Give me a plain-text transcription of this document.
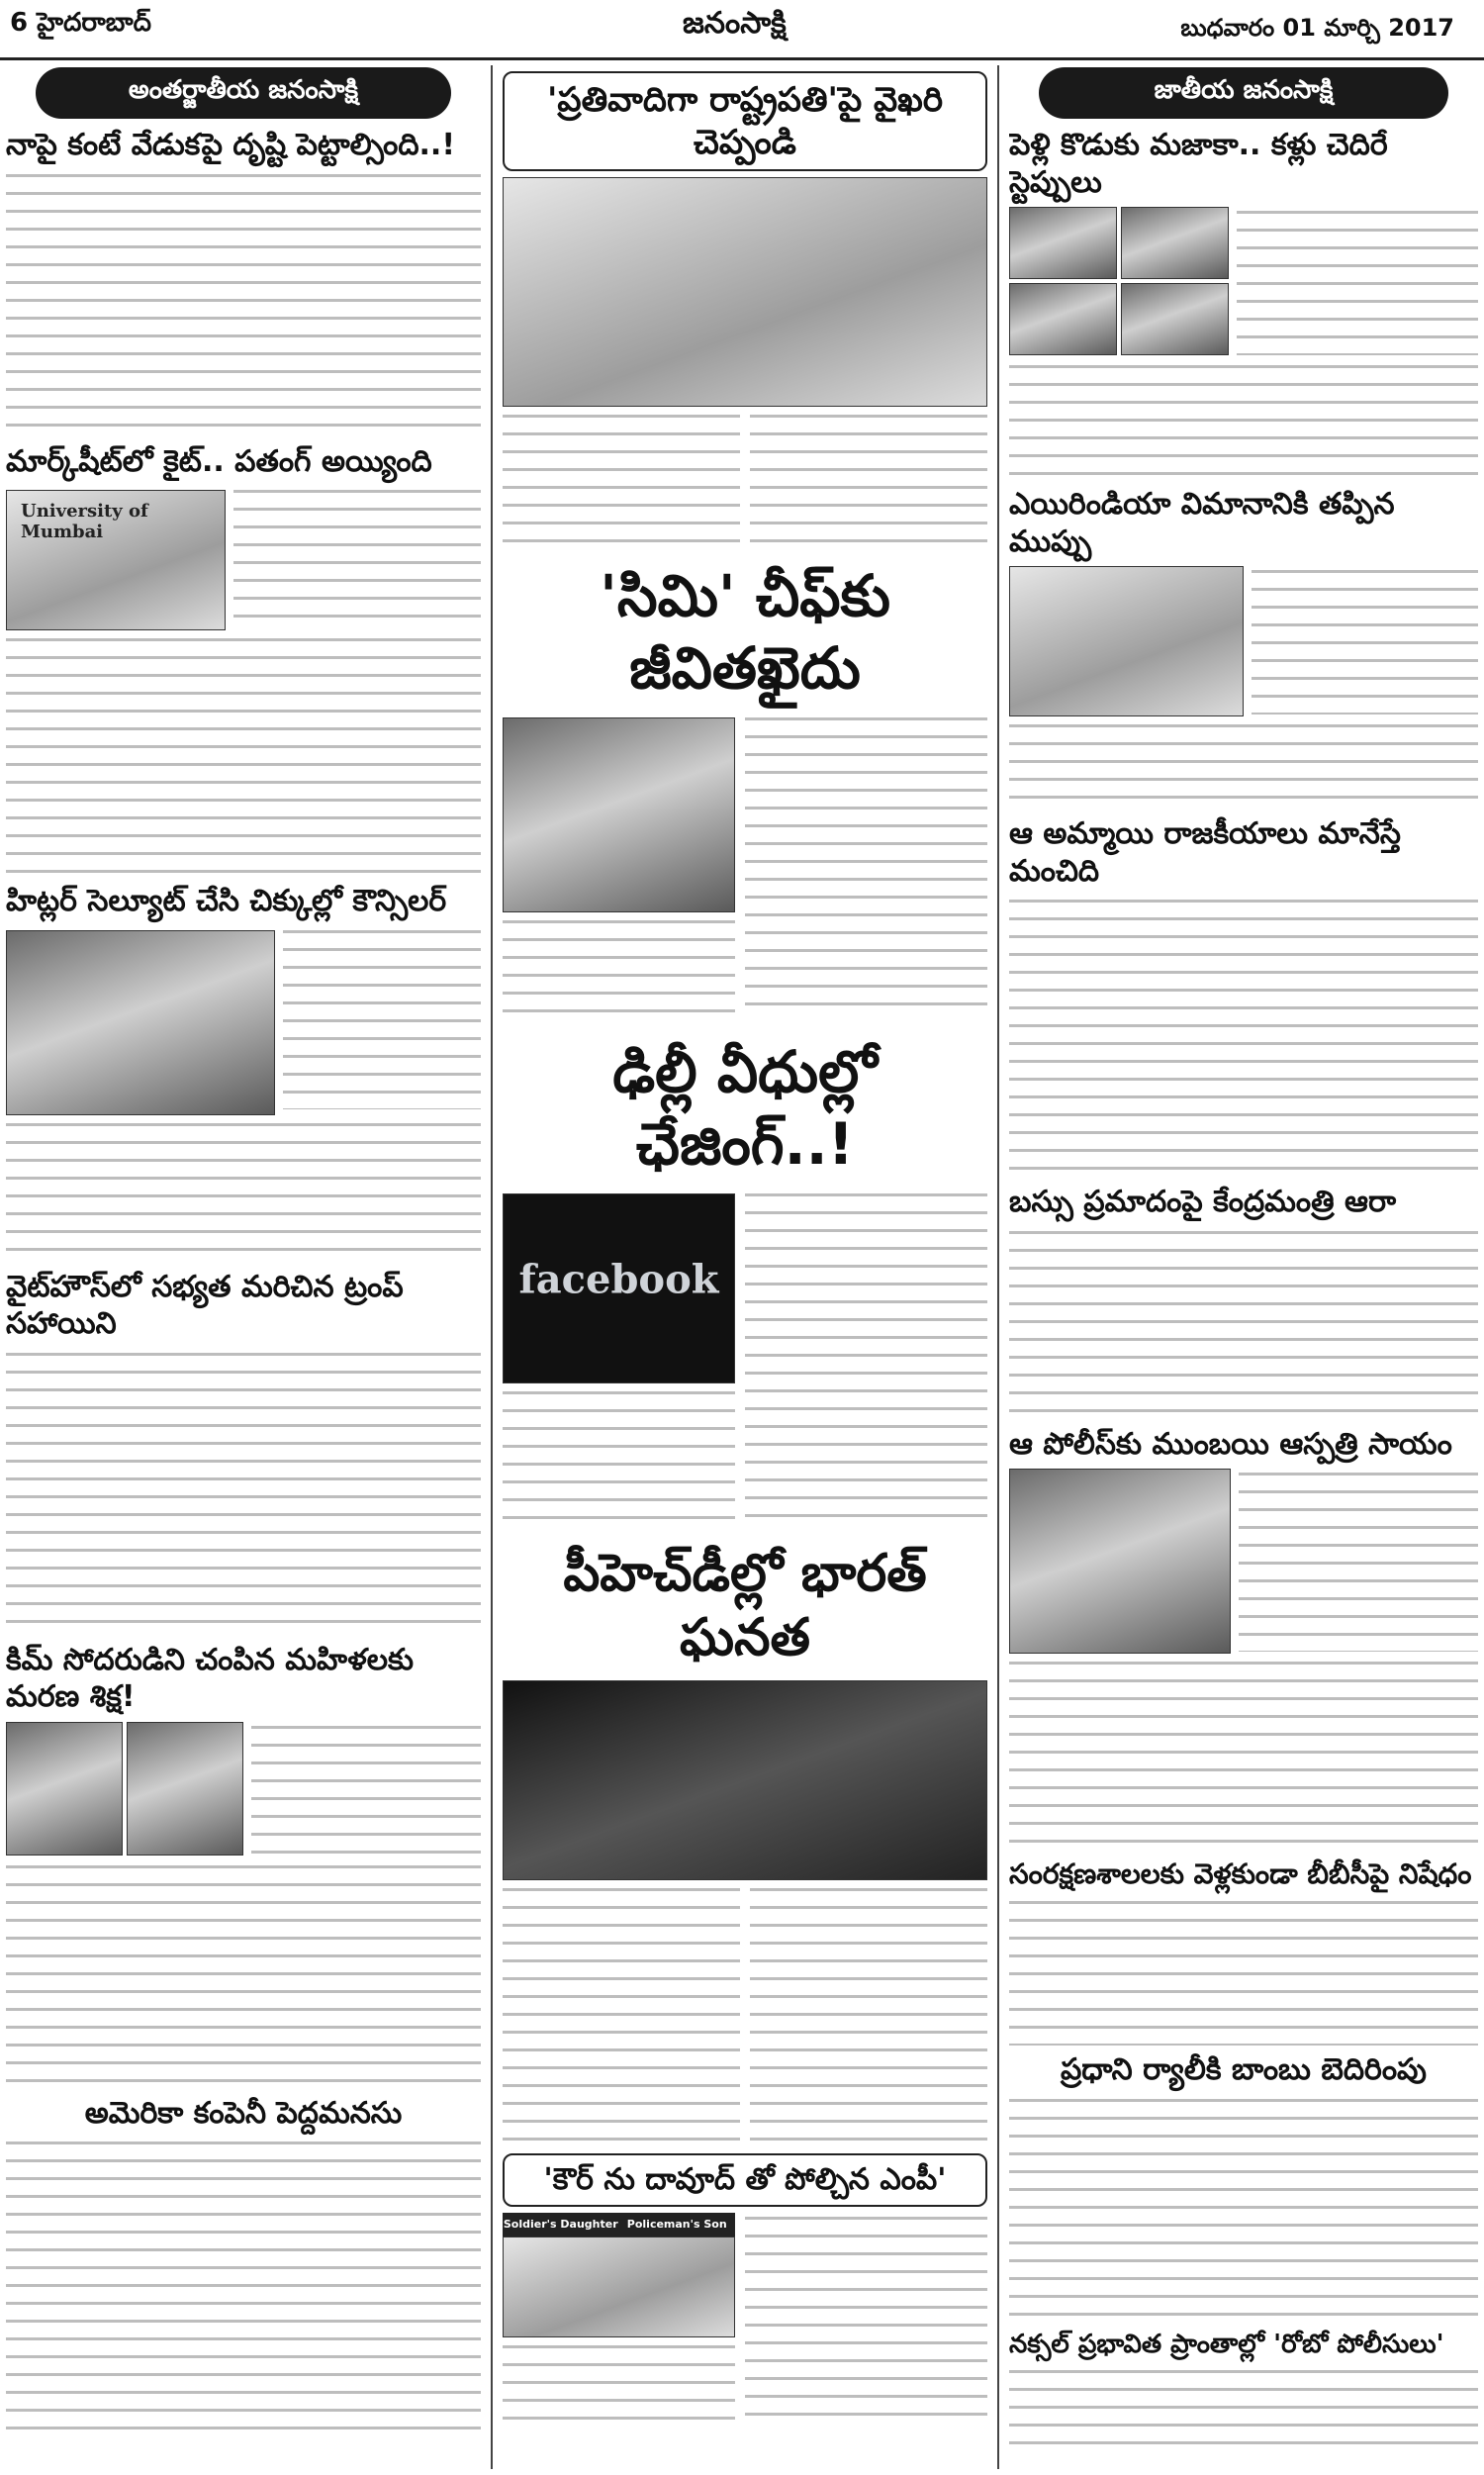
6 హైదరాబాద్	జనంసాక్షి	బుధవారం 01 మార్చి 2017
అంతర్జాతీయ జనంసాక్షి
నాపై కంటే వేడుకపై దృష్టి పెట్టాల్సింది..!
మార్క్‌షీట్‌లో కైట్.. పతంగ్ అయ్యింది
University of Mumbai
హిట్లర్ సెల్యూట్ చేసి చిక్కుల్లో కౌన్సిలర్
వైట్‌హౌస్‌లో సభ్యత మరిచిన ట్రంప్ సహాయిని
కిమ్ సోదరుడిని చంపిన మహిళలకు మరణ శిక్ష!
అమెరికా కంపెనీ పెద్దమనసు
'ప్రతివాదిగా రాష్ట్రపతి'పై వైఖరి చెప్పండి
'సిమి' చీఫ్‌కు జీవితఖైదు
ఢిల్లీ వీధుల్లో ఛేజింగ్..!
facebook
పీహెచ్‌డీల్లో భారత్ ఘనత
'కౌర్ ను దావూద్ తో పోల్చిన ఎంపీ'
Soldier's Daughter Policeman's Son
జాతీయ జనంసాక్షి
పెళ్లి కొడుకు మజాకా.. కళ్లు చెదిరే స్టెప్పులు
ఎయిరిండియా విమానానికి తప్పిన ముప్పు
ఆ అమ్మాయి రాజకీయాలు మానేస్తే మంచిది
బస్సు ప్రమాదంపై కేంద్రమంత్రి ఆరా
ఆ పోలీస్‌కు ముంబయి ఆస్పత్రి సాయం
సంరక్షణశాలలకు వెళ్లకుండా బీబీసీపై నిషేధం
ప్రధాని ర్యాలీకి బాంబు బెదిరింపు
నక్సల్ ప్రభావిత ప్రాంతాల్లో 'రోబో పోలీసులు'
